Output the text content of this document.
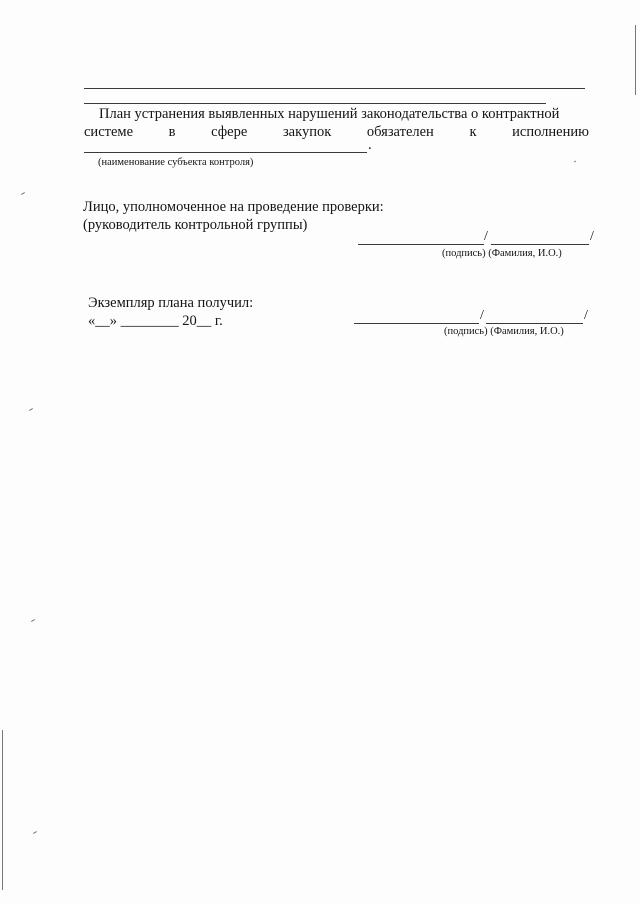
План устранения выявленных нарушений законодательства о контрактной
системе в сфере закупок обязателен к исполнению
.
(наименование субъекта контроля)
Лицо, уполномоченное на проведение проверки:
(руководитель контрольной группы)
/	/
(подпись) (Фамилия, И.О.)
Экземпляр плана получил:
«__» ________ 20__ г.	/	/
(подпись) (Фамилия, И.О.)
